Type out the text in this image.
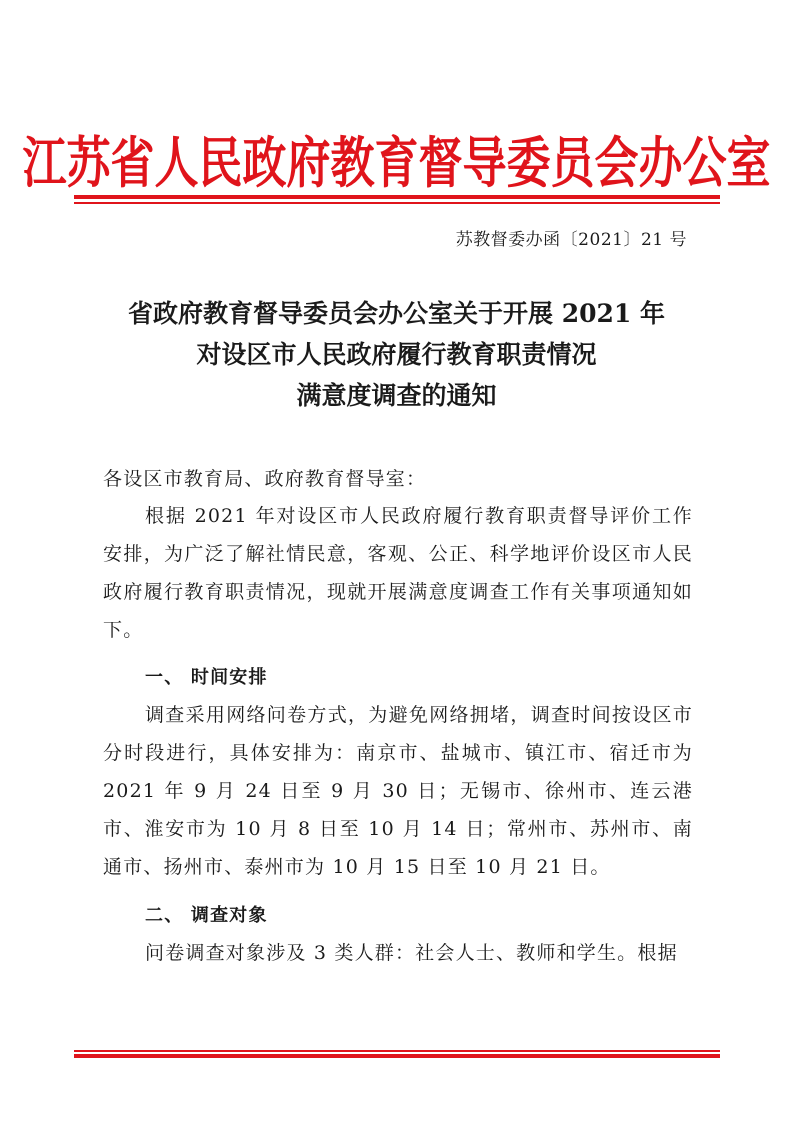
江苏省人民政府教育督导委员会办公室
苏教督委办函〔2021〕21 号
省政府教育督导委员会办公室关于开展 2021 年
对设区市人民政府履行教育职责情况
满意度调查的通知
各设区市教育局、政府教育督导室：
根据 2021 年对设区市人民政府履行教育职责督导评价工作安排，为广泛了解社情民意，客观、公正、科学地评价设区市人民政府履行教育职责情况，现就开展满意度调查工作有关事项通知如下。
一、 时间安排
调查采用网络问卷方式，为避免网络拥堵，调查时间按设区市分时段进行，具体安排为：南京市、盐城市、镇江市、宿迁市为 2021 年 9 月 24 日至 9 月 30 日；无锡市、徐州市、连云港市、淮安市为 10 月 8 日至 10 月 14 日；常州市、苏州市、南通市、扬州市、泰州市为 10 月 15 日至 10 月 21 日。
二、 调查对象
问卷调查对象涉及 3 类人群：社会人士、教师和学生。根据
